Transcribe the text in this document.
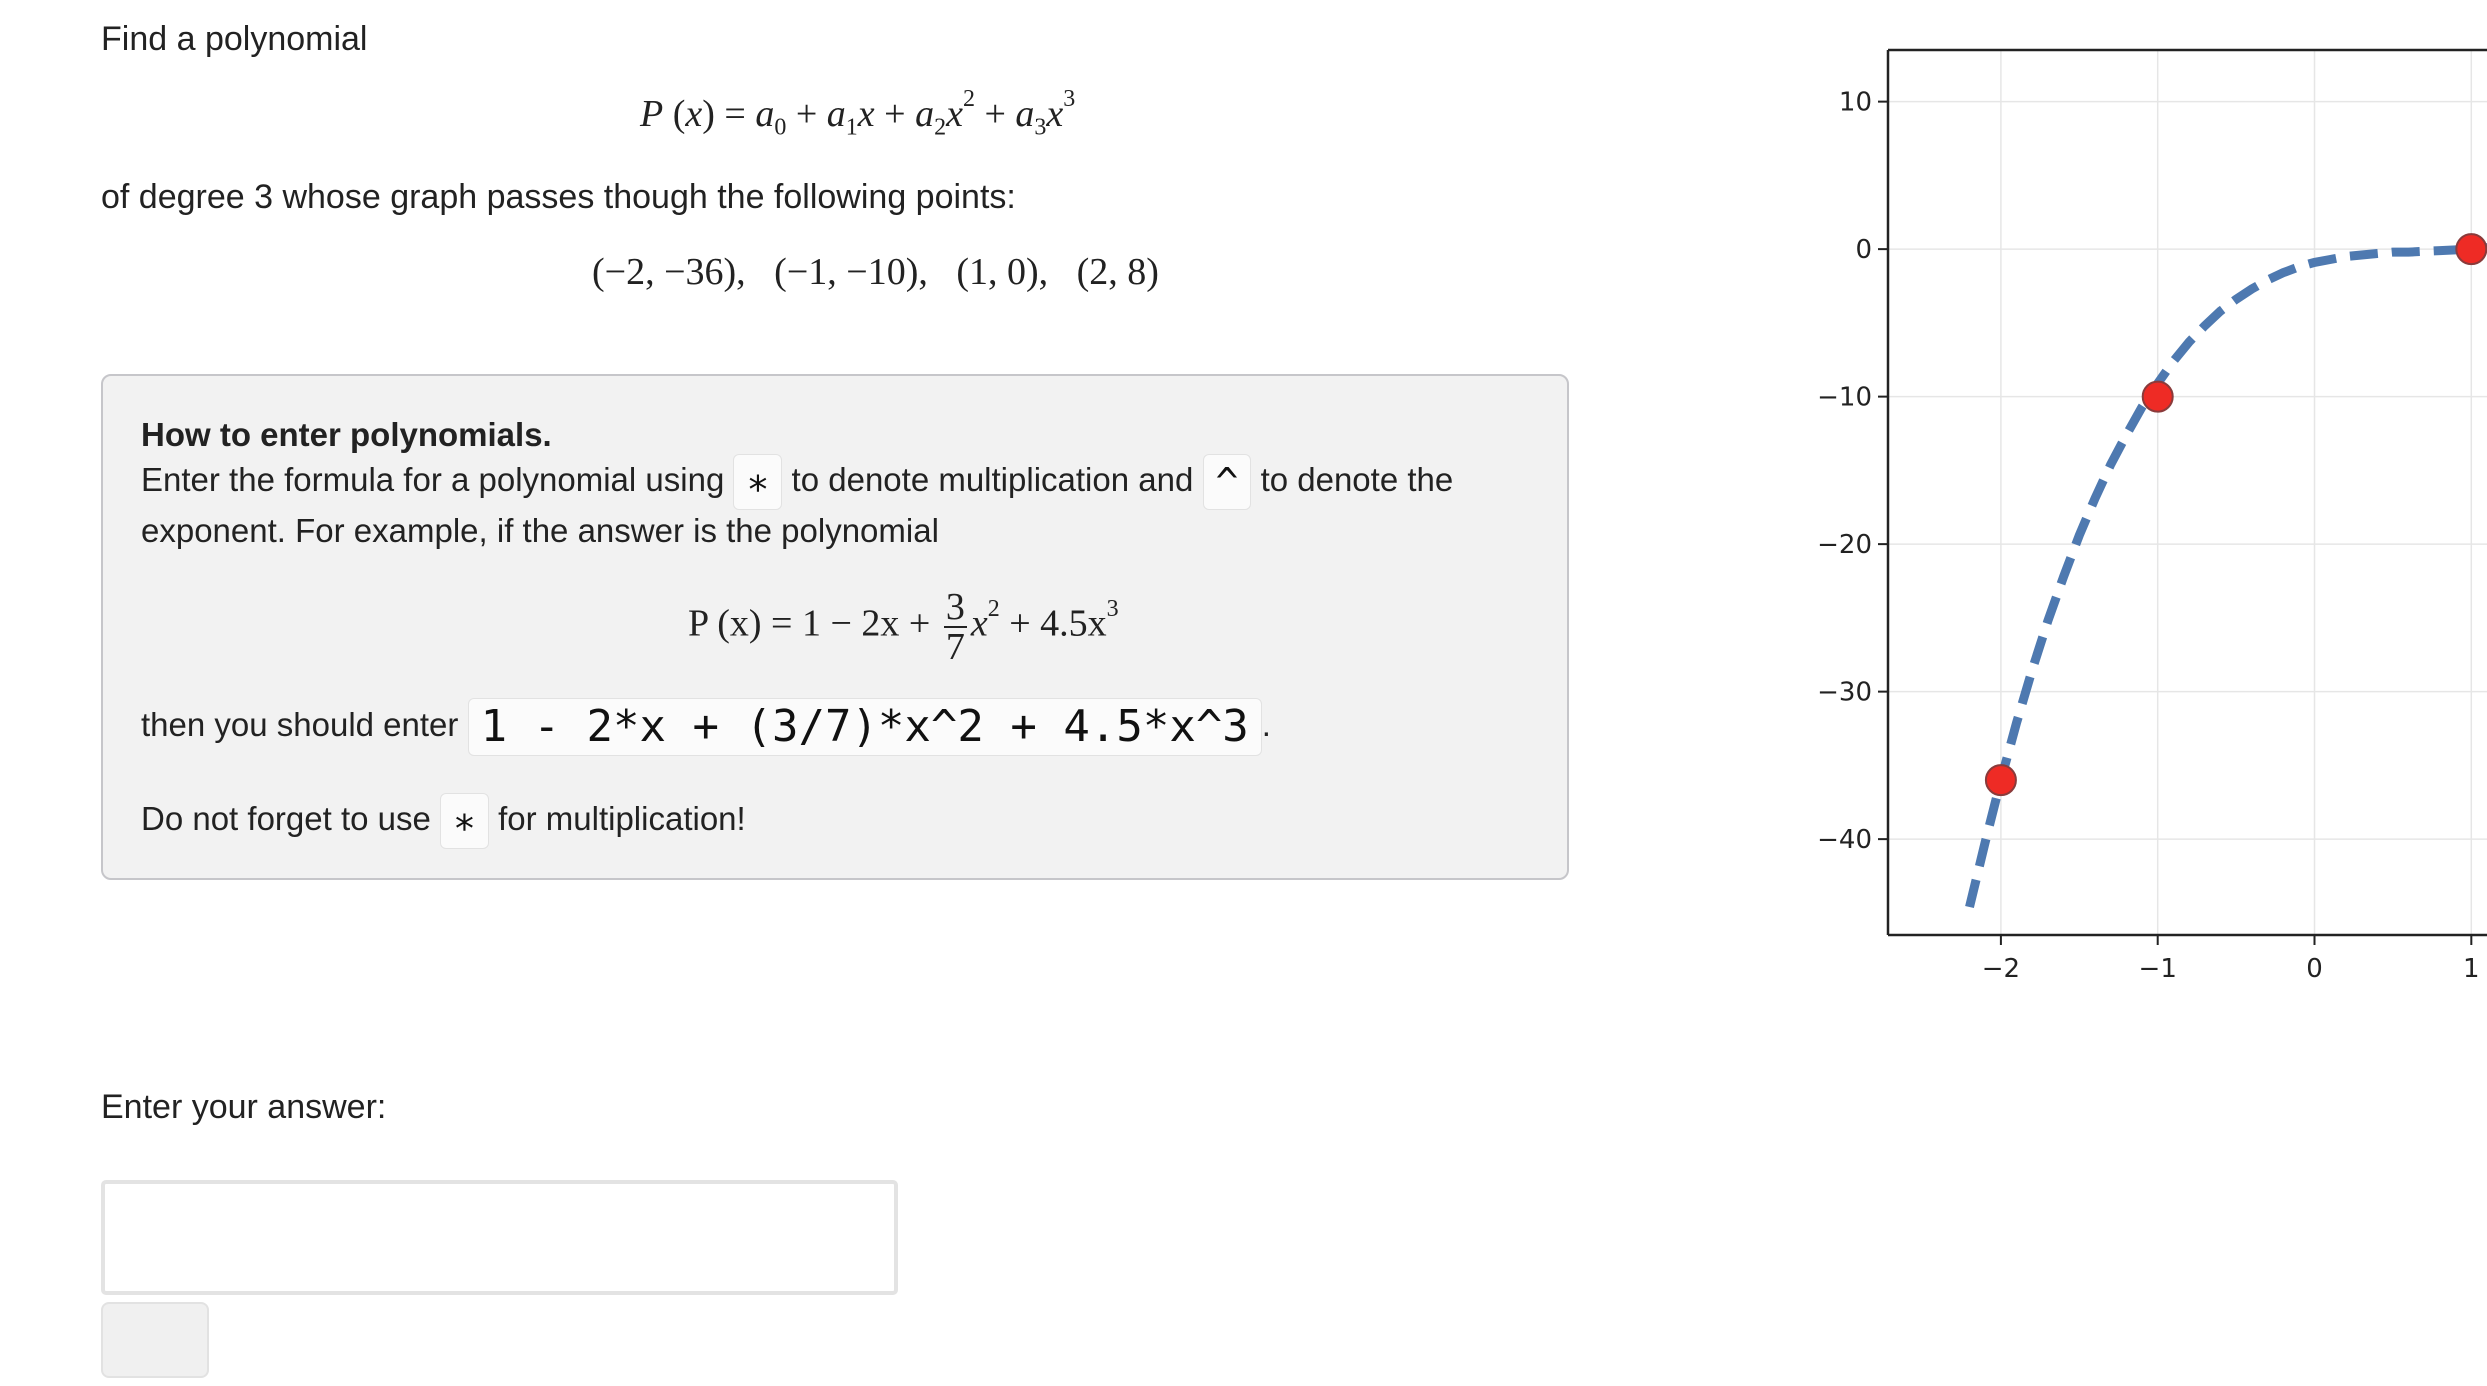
Find a polynomial
P $(x) = a_0 + a_1x + a_2x^2 + a_3x^3$
of degree 3 whose graph passes though the following points:
(−2, −36),   (−1, −10),   (1, 0),   (2, 8)
How to enter polynomials.
Enter the formula for a polynomial using ∗ to denote multiplication and ^ to denote the
exponent. For example, if the answer is the polynomial
P $(x) = 1 - 2x + \frac{3}{7} x^2 + 4.5x^3$
then you should enter 1 - 2*x + (3/7)*x^2 + 4.5*x^3 .
Do not forget to use ∗ for multiplication!
Enter your answer:
10
0
−10
−20
−30
−40
−2	−1	0	1
